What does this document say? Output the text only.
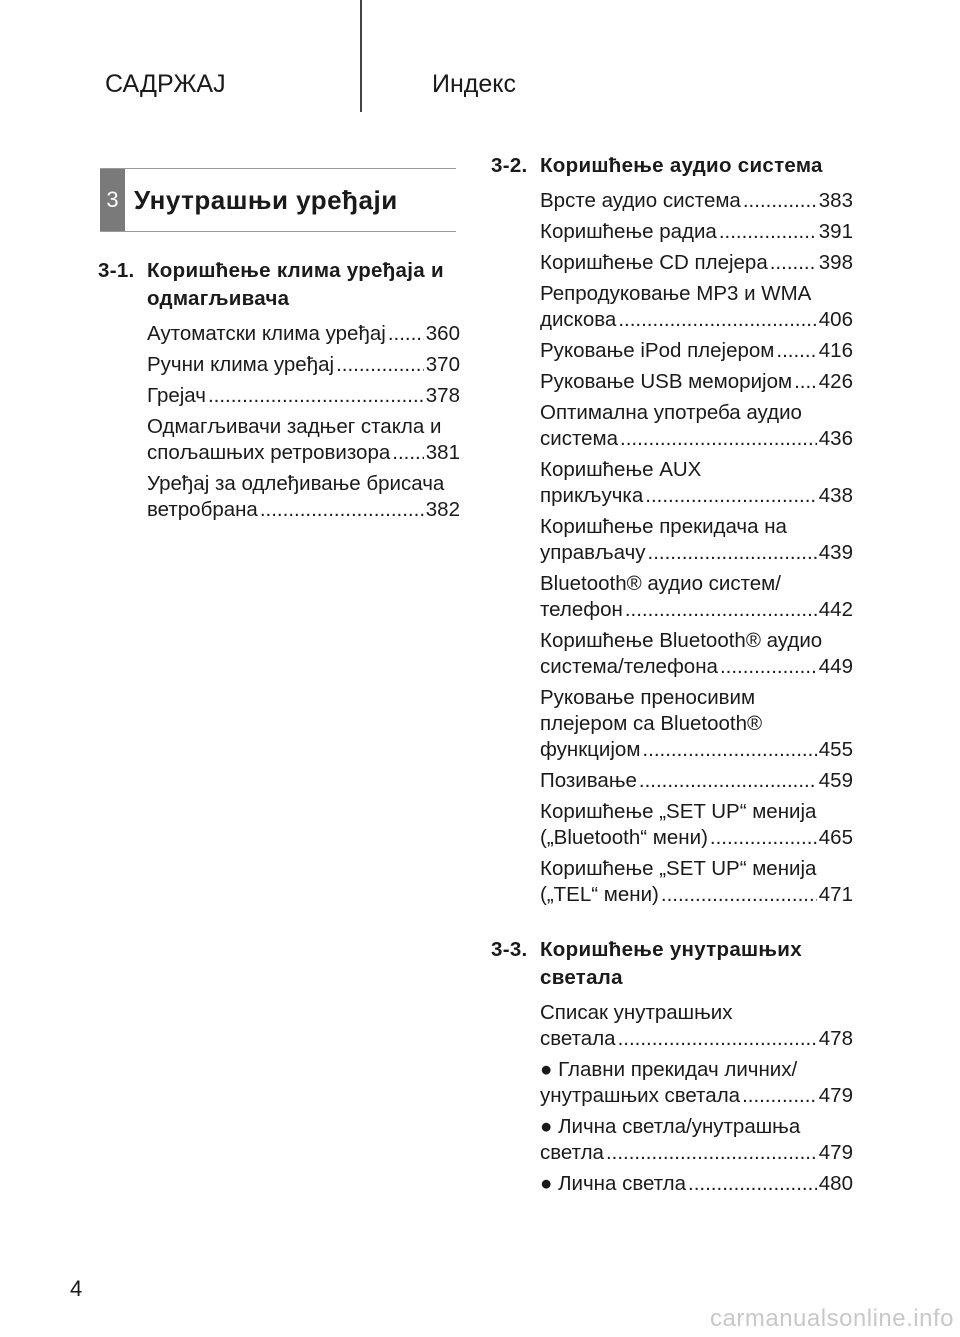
САДРЖАЈ	Индекс
3 Унутрашњи уређаји
3-1. Коришћење клима уређаја и одмагљивача
Аутоматски клима уређај ..... 360
Ручни клима уређај .....	370
Грејач .....	378
Одмагљивачи задњег стакла и
спољашњих ретровизора ..... 381
Уређај за одлеђивање брисача
ветробрана .....	382
3-2. Коришћење аудио система
Врсте аудио система .....	383
Коришћење радиа .....	391
Коришћење CD плејера ..... 398
Репродуковање MP3 и WMA
дискова .....	406
Руковање iPod плејером ..... 416
Руковање USB меморијом ..... 426
Оптимална употреба аудио
система .....	436
Коришћење AUX
прикључка .....	438
Коришћење прекидача на
управљачу .....	439
Bluetooth® аудио систем/
телефон .....	442
Коришћење Bluetooth® аудио
система/телефона .....	449
Руковање преносивим
плејером са Bluetooth®
функцијом .....	455
Позивање .....	459
Коришћење „SET UP“ менија
(„Bluetooth“ мени) .....	465
Коришћење „SET UP“ менија
(„TEL“ мени) .....	471
3-3. Коришћење унутрашњих светала
Списак унутрашњих
светала .....	478
● Главни прекидач личних/
унутрашњих светала .....	479
● Лична светла/унутрашња
светла .....	479
● Лична светла .....	480
4
carmanualsonline.info
